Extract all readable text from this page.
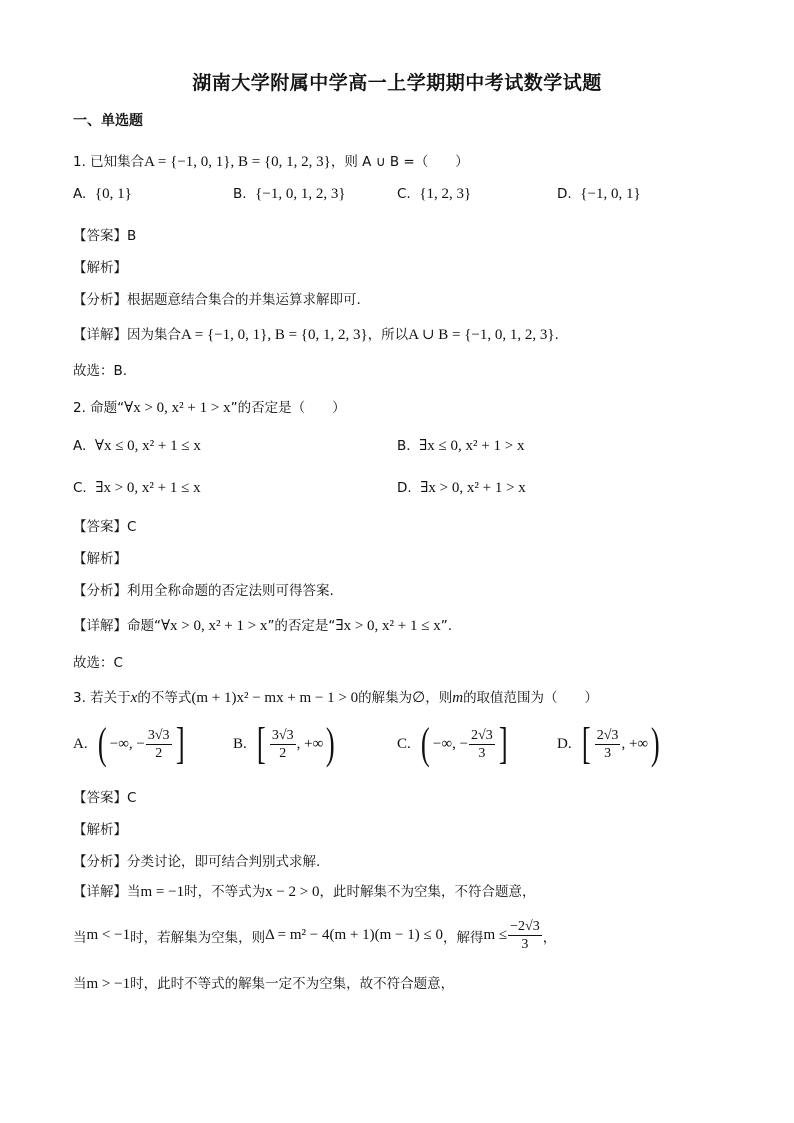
湖南大学附属中学高一上学期期中考试数学试题
一、单选题
1. 已知集合A = {−1, 0, 1}, B = {0, 1, 2, 3}，则 A ∪ B =（　　）
A. {0, 1}	B. {−1, 0, 1, 2, 3}	C. {1, 2, 3}	D. {−1, 0, 1}
【答案】B
【解析】
【分析】根据题意结合集合的并集运算求解即可.
【详解】因为集合A = {−1, 0, 1}, B = {0, 1, 2, 3}，所以A ∪ B = {−1, 0, 1, 2, 3}.
故选：B.
2. 命题“∀x > 0, x² + 1 > x”的否定是（　　）
A. ∀x ≤ 0, x² + 1 ≤ x	B. ∃x ≤ 0, x² + 1 > x
C. ∃x > 0, x² + 1 ≤ x	D. ∃x > 0, x² + 1 > x
【答案】C
【解析】
【分析】利用全称命题的否定法则可得答案.
【详解】命题“∀x > 0, x² + 1 > x”的否定是“∃x > 0, x² + 1 ≤ x”.
故选：C
3. 若关于x的不等式(m + 1)x² − mx + m − 1 > 0的解集为∅，则m的取值范围为（　　）
A.
( −∞, − $\frac{3√3}{2}$ ]	B.
[ $\frac{3√3}{2}$ , +∞ )	C.
( −∞, − $\frac{2√3}{3}$ ]	D.
[ $\frac{2√3}{3}$ , +∞ )
【答案】C
【解析】
【分析】分类讨论，即可结合判别式求解.
【详解】当m = −1时，不等式为x − 2 > 0，此时解集不为空集，不符合题意，
当 m < −1 时，若解集为空集，则 Δ = m² − 4(m + 1)(m − 1) ≤ 0 ，解得 $m \le \frac{-2√3}{3}$ ，
当m > −1时，此时不等式的解集一定不为空集，故不符合题意，
